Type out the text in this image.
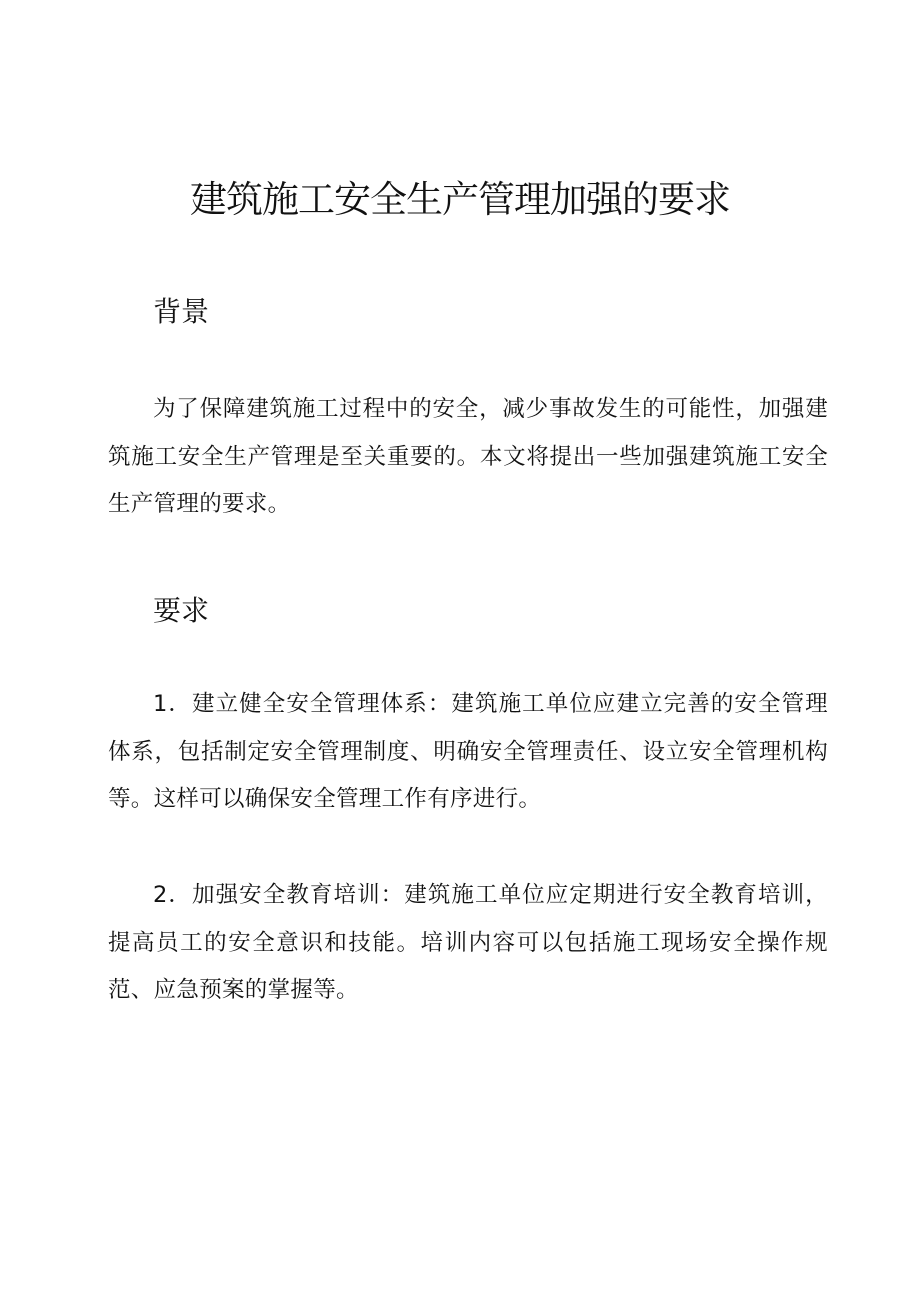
建筑施工安全生产管理加强的要求
背景

为了保障建筑施工过程中的安全，减少事故发生的可能性，加强建筑施工安全生产管理是至关重要的。本文将提出一些加强建筑施工安全生产管理的要求。

要求

1．建立健全安全管理体系：建筑施工单位应建立完善的安全管理体系，包括制定安全管理制度、明确安全管理责任、设立安全管理机构等。这样可以确保安全管理工作有序进行。

2．加强安全教育培训：建筑施工单位应定期进行安全教育培训，提高员工的安全意识和技能。培训内容可以包括施工现场安全操作规范、应急预案的掌握等。
